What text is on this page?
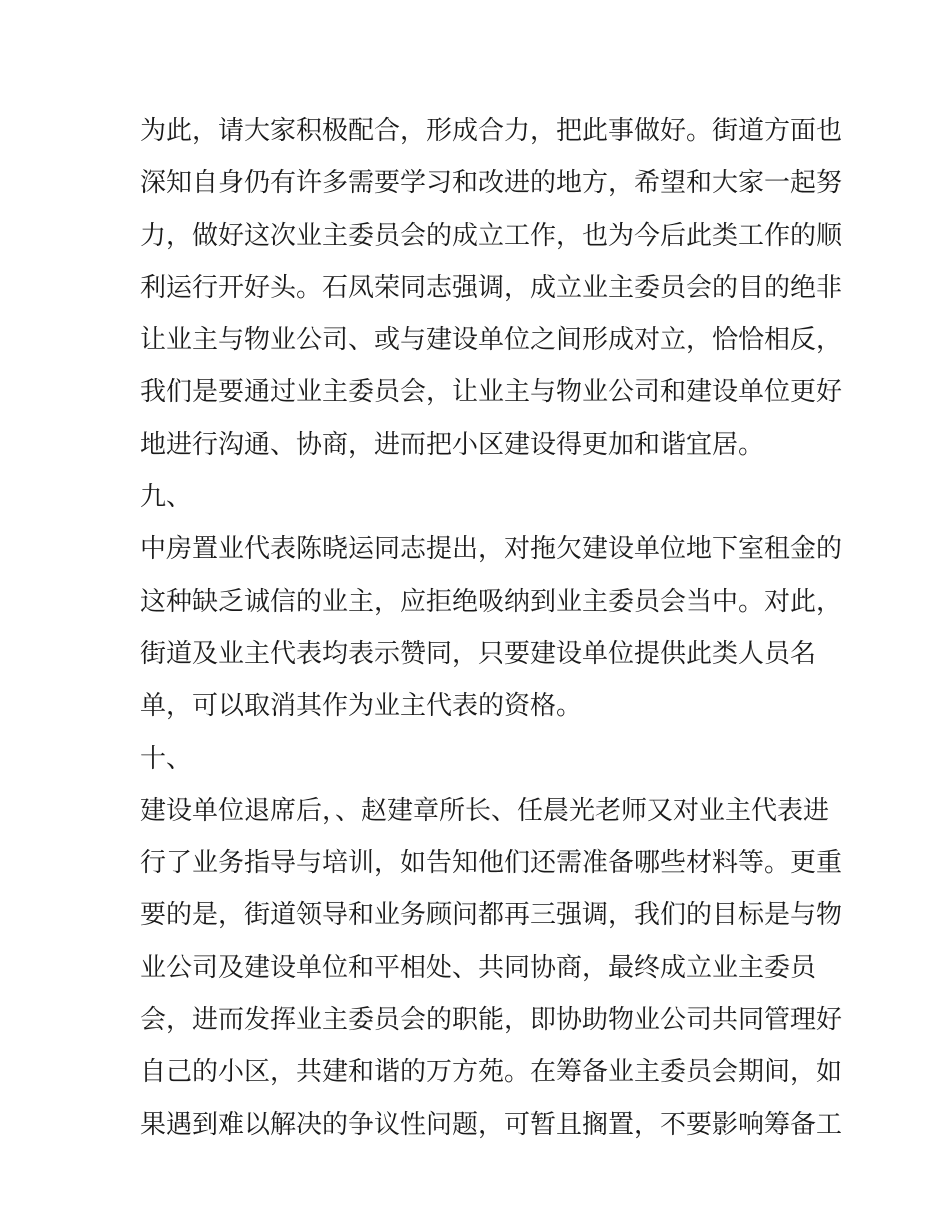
为此，请大家积极配合，形成合力，把此事做好。街道方面也
深知自身仍有许多需要学习和改进的地方，希望和大家一起努
力，做好这次业主委员会的成立工作，也为今后此类工作的顺
利运行开好头。石凤荣同志强调，成立业主委员会的目的绝非
让业主与物业公司、或与建设单位之间形成对立，恰恰相反，
我们是要通过业主委员会，让业主与物业公司和建设单位更好
地进行沟通、协商，进而把小区建设得更加和谐宜居。
九、
中房置业代表陈晓运同志提出，对拖欠建设单位地下室租金的
这种缺乏诚信的业主，应拒绝吸纳到业主委员会当中。对此，
街道及业主代表均表示赞同，只要建设单位提供此类人员名
单，可以取消其作为业主代表的资格。
十、
建设单位退席后，、赵建章所长、任晨光老师又对业主代表进
行了业务指导与培训，如告知他们还需准备哪些材料等。更重
要的是，街道领导和业务顾问都再三强调，我们的目标是与物
业公司及建设单位和平相处、共同协商，最终成立业主委员
会，进而发挥业主委员会的职能，即协助物业公司共同管理好
自己的小区，共建和谐的万方苑。在筹备业主委员会期间，如
果遇到难以解决的争议性问题，可暂且搁置，不要影响筹备工
